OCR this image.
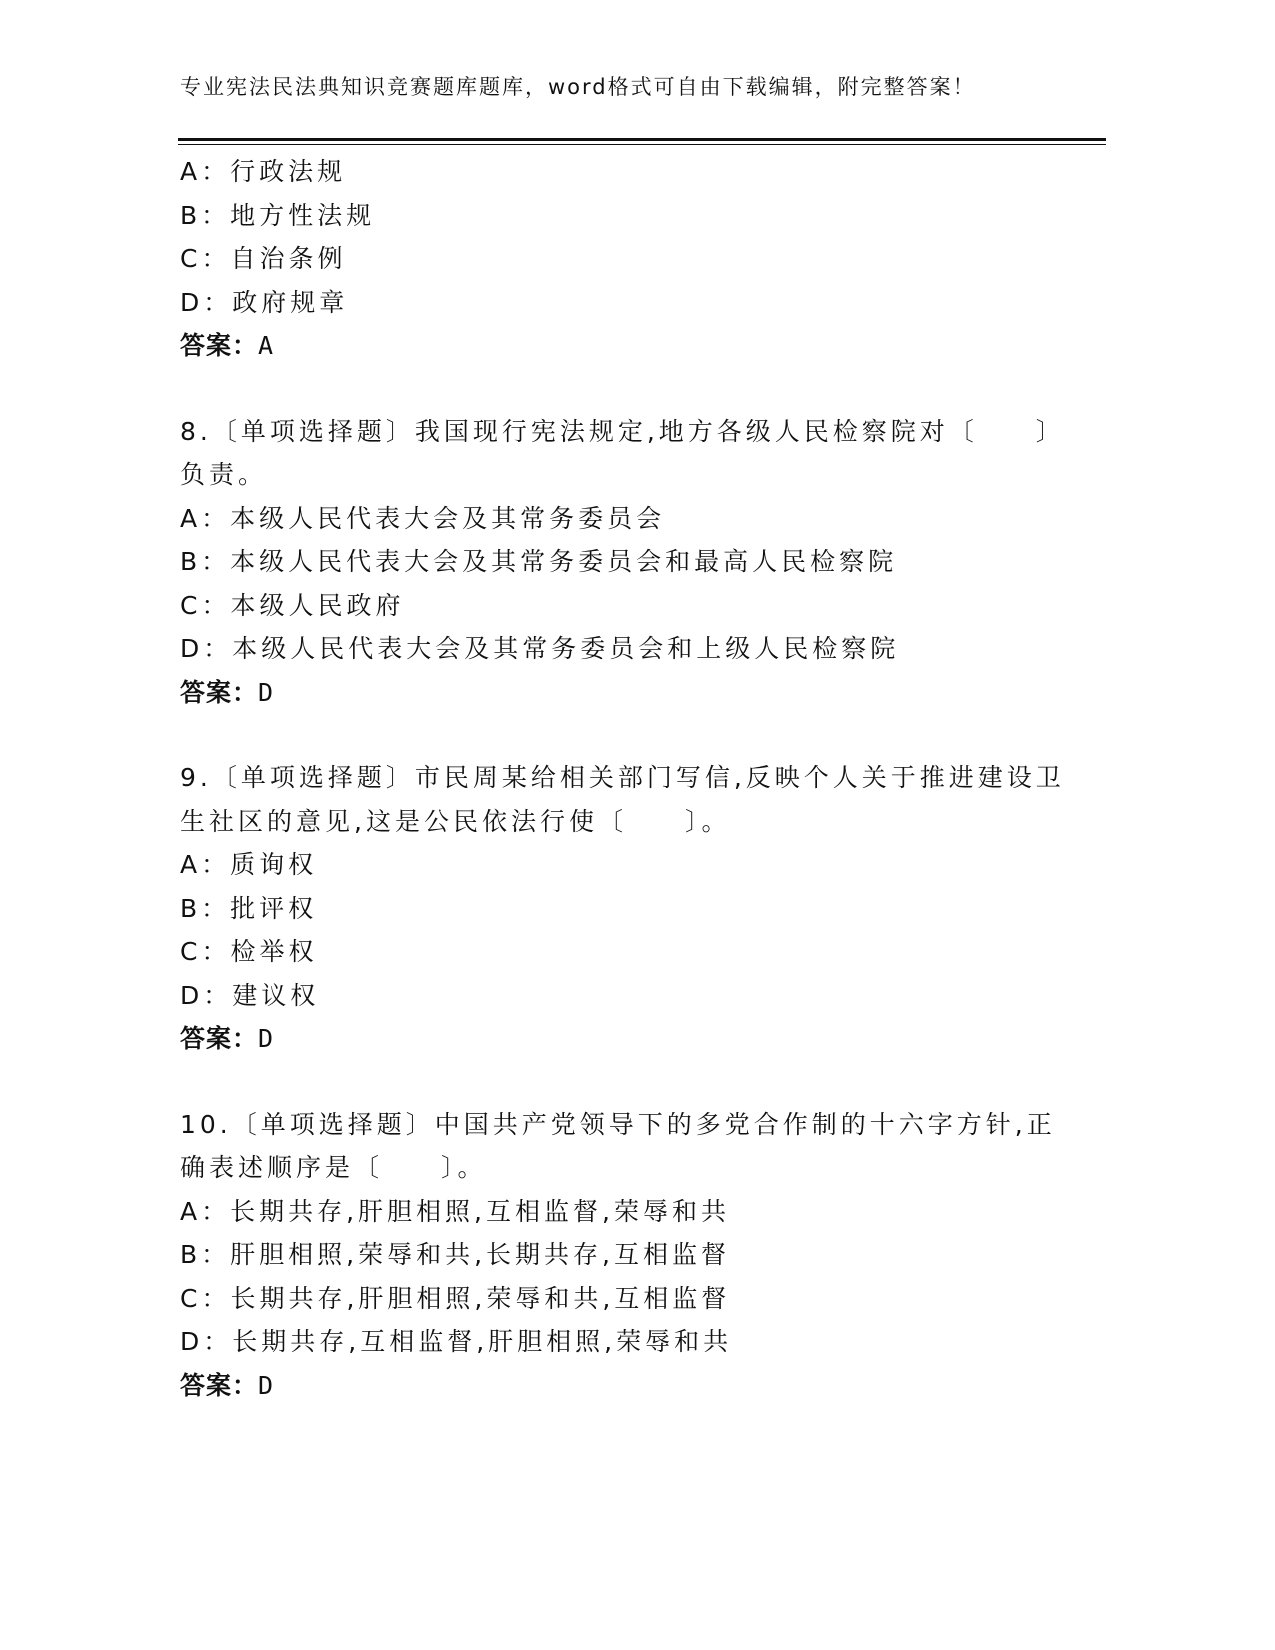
专业宪法民法典知识竞赛题库题库，word格式可自由下载编辑，附完整答案！
A：行政法规
B：地方性法规
C：自治条例
D：政府规章
答案：A
8.〔单项选择题〕我国现行宪法规定,地方各级人民检察院对〔　　〕
负责。
A：本级人民代表大会及其常务委员会
B：本级人民代表大会及其常务委员会和最高人民检察院
C：本级人民政府
D：本级人民代表大会及其常务委员会和上级人民检察院
答案：D
9.〔单项选择题〕市民周某给相关部门写信,反映个人关于推进建设卫
生社区的意见,这是公民依法行使〔　　〕。
A：质询权
B：批评权
C：检举权
D：建议权
答案：D
10.〔单项选择题〕中国共产党领导下的多党合作制的十六字方针,正
确表述顺序是〔　　〕。
A：长期共存,肝胆相照,互相监督,荣辱和共
B：肝胆相照,荣辱和共,长期共存,互相监督
C：长期共存,肝胆相照,荣辱和共,互相监督
D：长期共存,互相监督,肝胆相照,荣辱和共
答案：D
